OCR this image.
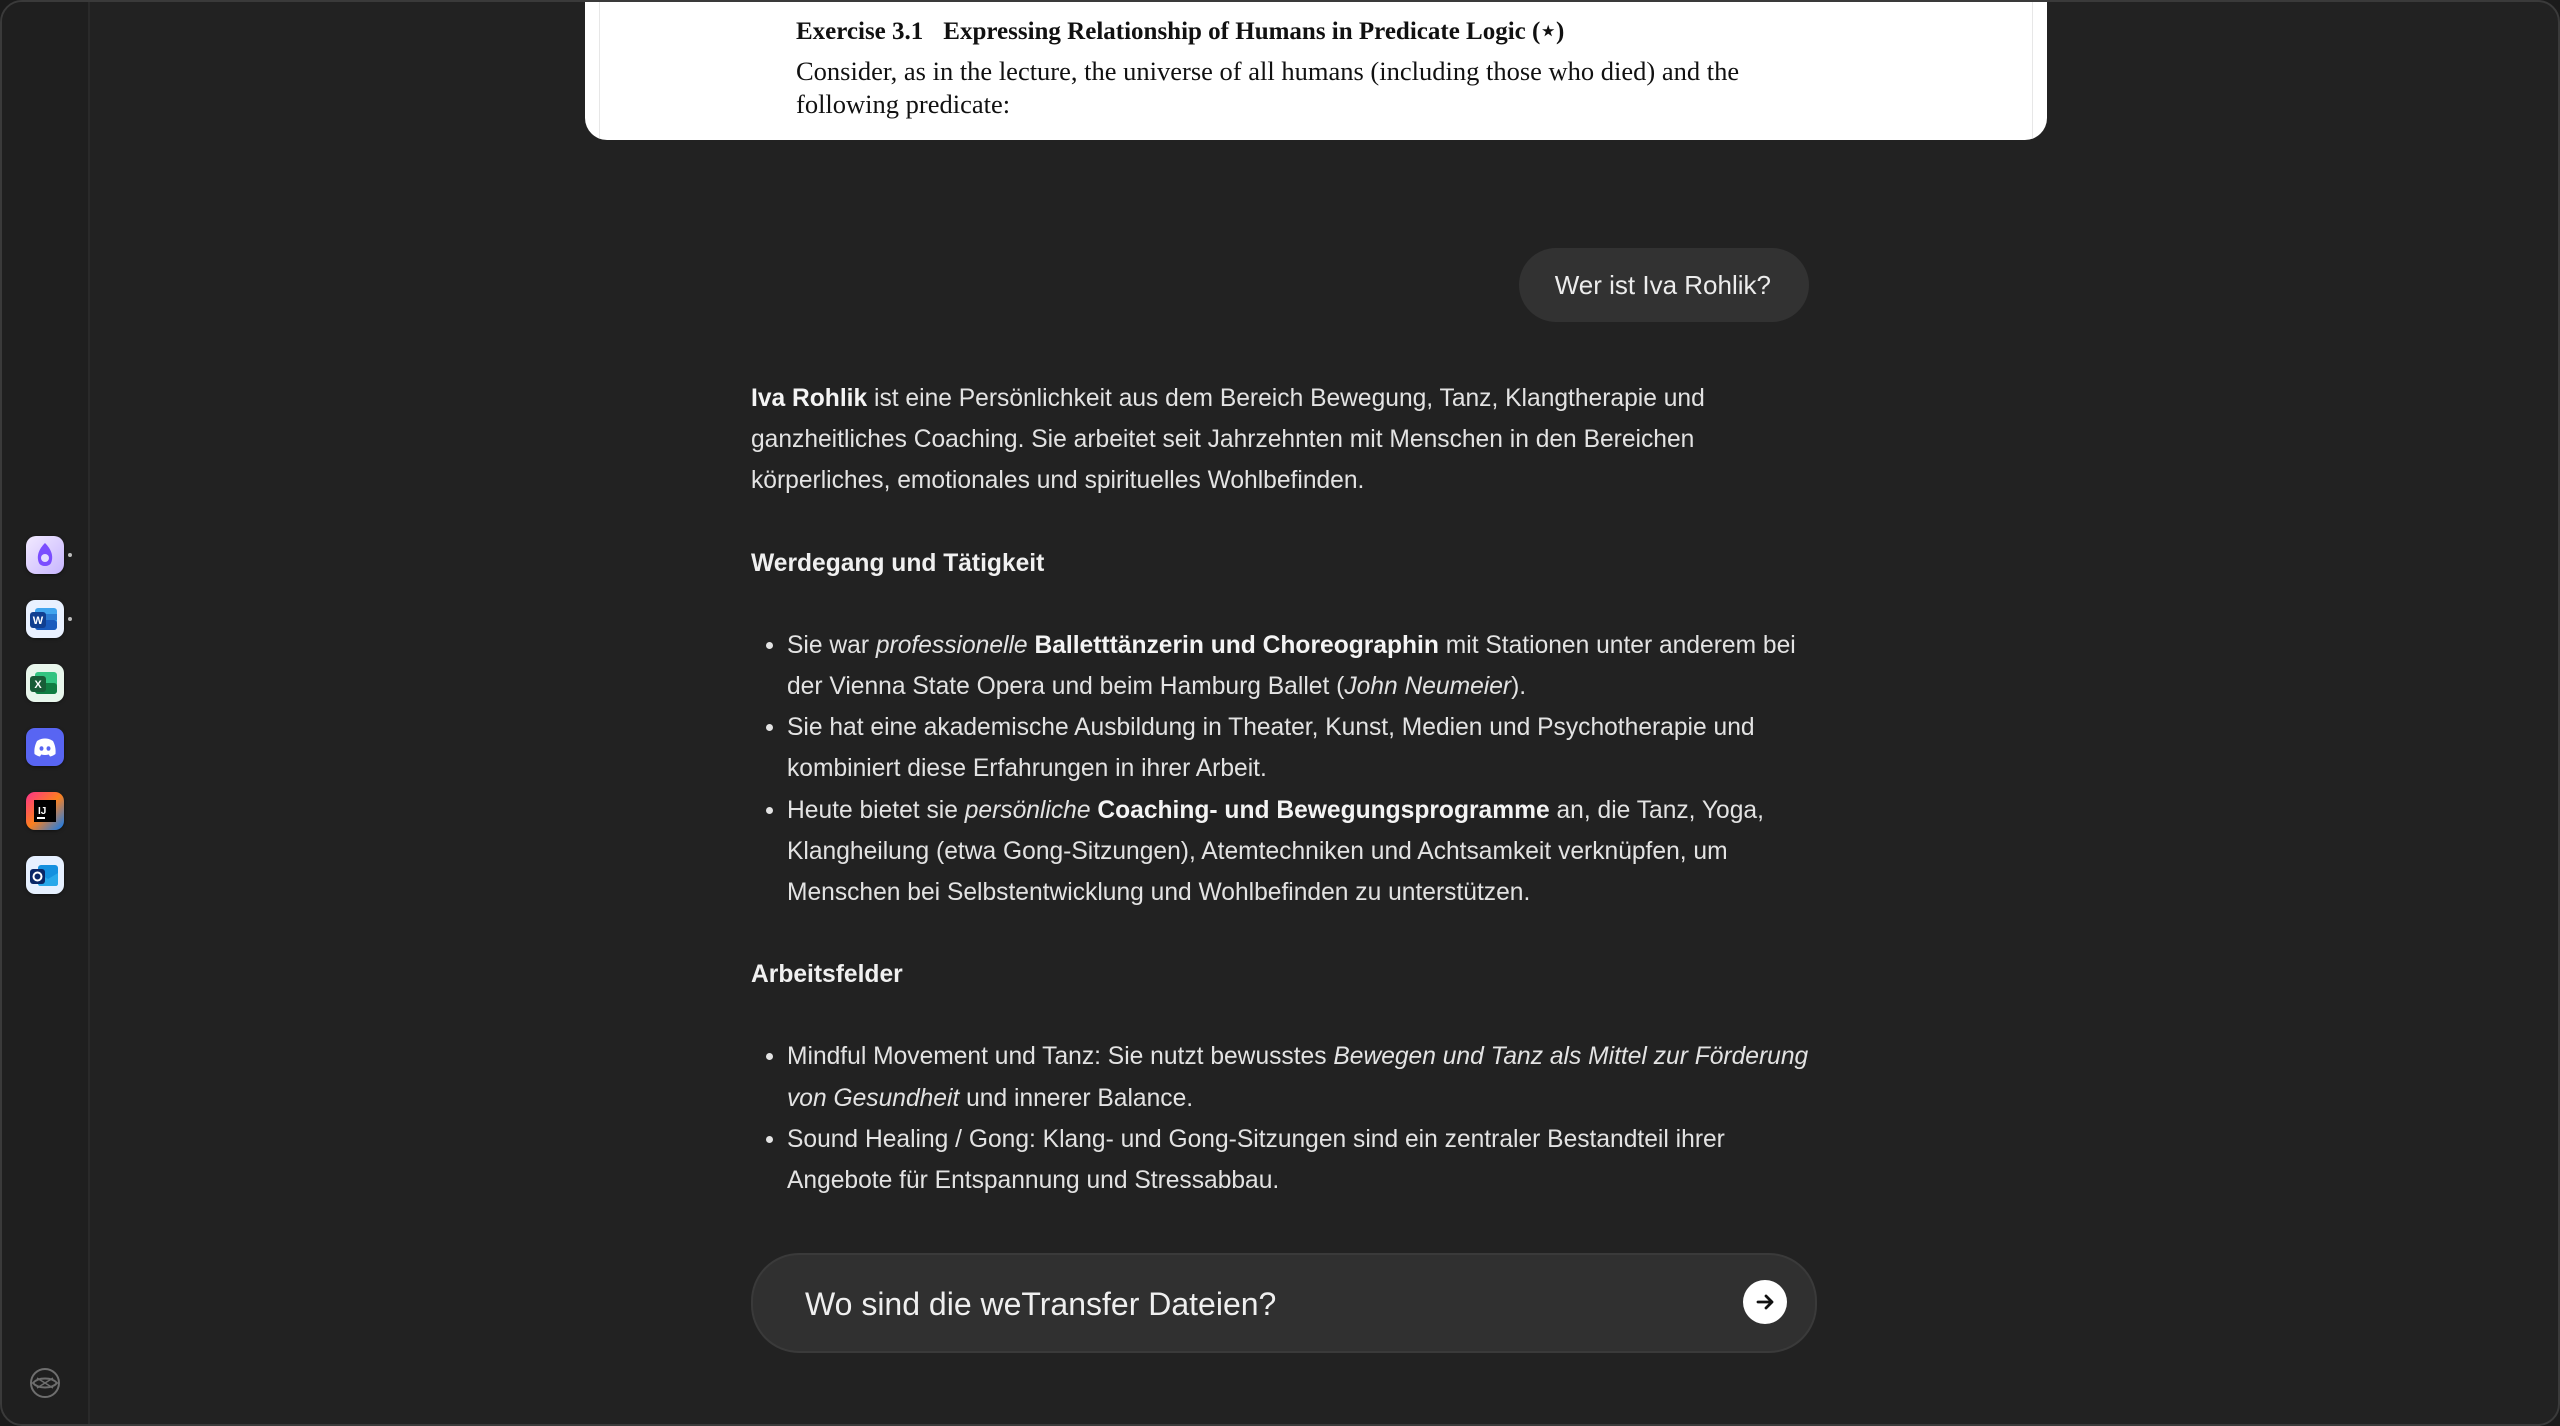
W
X
IJ
Exercise 3.1 Expressing Relationship of Humans in Predicate Logic (⋆)
Consider, as in the lecture, the universe of all humans (including those who died) and the
following predicate:
Wer ist Iva Rohlik?

Iva Rohlik ist eine Persönlichkeit aus dem Bereich Bewegung, Tanz, Klangtherapie und ganzheitliches Coaching. Sie arbeitet seit Jahrzehnten mit Menschen in den Bereichen körperliches, emotionales und spirituelles Wohlbefinden.

Werdegang und Tätigkeit

• Sie war professionelle Balletttänzerin und Choreographin mit Stationen unter anderem bei der Vienna State Opera und beim Hamburg Ballet (John Neumeier).
• Sie hat eine akademische Ausbildung in Theater, Kunst, Medien und Psychotherapie und kombiniert diese Erfahrungen in ihrer Arbeit.
• Heute bietet sie persönliche Coaching- und Bewegungsprogramme an, die Tanz, Yoga, Klangheilung (etwa Gong-Sitzungen), Atemtechniken und Achtsamkeit verknüpfen, um Menschen bei Selbstentwicklung und Wohlbefinden zu unterstützen.

Arbeitsfelder

• Mindful Movement und Tanz: Sie nutzt bewusstes Bewegen und Tanz als Mittel zur Förderung von Gesundheit und innerer Balance.
• Sound Healing / Gong: Klang- und Gong-Sitzungen sind ein zentraler Bestandteil ihrer Angebote für Entspannung und Stressabbau.
Wo sind die weTransfer Dateien?
